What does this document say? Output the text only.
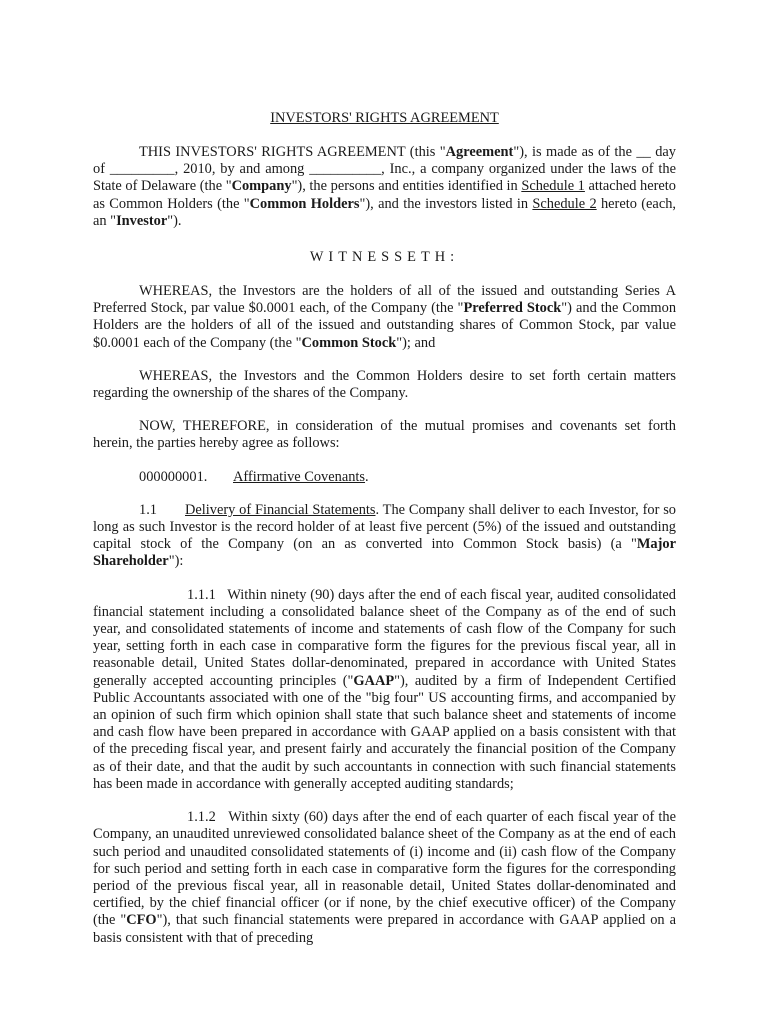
INVESTORS' RIGHTS AGREEMENT

THIS INVESTORS' RIGHTS AGREEMENT (this "Agreement"), is made as of the __ day of _________, 2010, by and among __________, Inc., a company organized under the laws of the State of Delaware (the "Company"), the persons and entities identified in Schedule 1 attached hereto as Common Holders (the "Common Holders"), and the investors listed in Schedule 2 hereto (each, an "Investor").

WITNESSETH:

WHEREAS, the Investors are the holders of all of the issued and outstanding Series A Preferred Stock, par value $0.0001 each, of the Company (the "Preferred Stock") and the Common Holders are the holders of all of the issued and outstanding shares of Common Stock, par value $0.0001 each of the Company (the "Common Stock"); and

WHEREAS, the Investors and the Common Holders desire to set forth certain matters regarding the ownership of the shares of the Company.

NOW, THEREFORE, in consideration of the mutual promises and covenants set forth herein, the parties hereby agree as follows:

000000001. Affirmative Covenants.

1.1 Delivery of Financial Statements. The Company shall deliver to each Investor, for so long as such Investor is the record holder of at least five percent (5%) of the issued and outstanding capital stock of the Company (on an as converted into Common Stock basis) (a "Major Shareholder"):

1.1.1 Within ninety (90) days after the end of each fiscal year, audited consolidated financial statement including a consolidated balance sheet of the Company as of the end of such year, and consolidated statements of income and statements of cash flow of the Company for such year, setting forth in each case in comparative form the figures for the previous fiscal year, all in reasonable detail, United States dollar-denominated, prepared in accordance with United States generally accepted accounting principles ("GAAP"), audited by a firm of Independent Certified Public Accountants associated with one of the "big four" US accounting firms, and accompanied by an opinion of such firm which opinion shall state that such balance sheet and statements of income and cash flow have been prepared in accordance with GAAP applied on a basis consistent with that of the preceding fiscal year, and present fairly and accurately the financial position of the Company as of their date, and that the audit by such accountants in connection with such financial statements has been made in accordance with generally accepted auditing standards;

1.1.2 Within sixty (60) days after the end of each quarter of each fiscal year of the Company, an unaudited unreviewed consolidated balance sheet of the Company as at the end of each such period and unaudited consolidated statements of (i) income and (ii) cash flow of the Company for such period and setting forth in each case in comparative form the figures for the corresponding period of the previous fiscal year, all in reasonable detail, United States dollar-denominated and certified, by the chief financial officer (or if none, by the chief executive officer) of the Company (the "CFO"), that such financial statements were prepared in accordance with GAAP applied on a basis consistent with that of preceding
